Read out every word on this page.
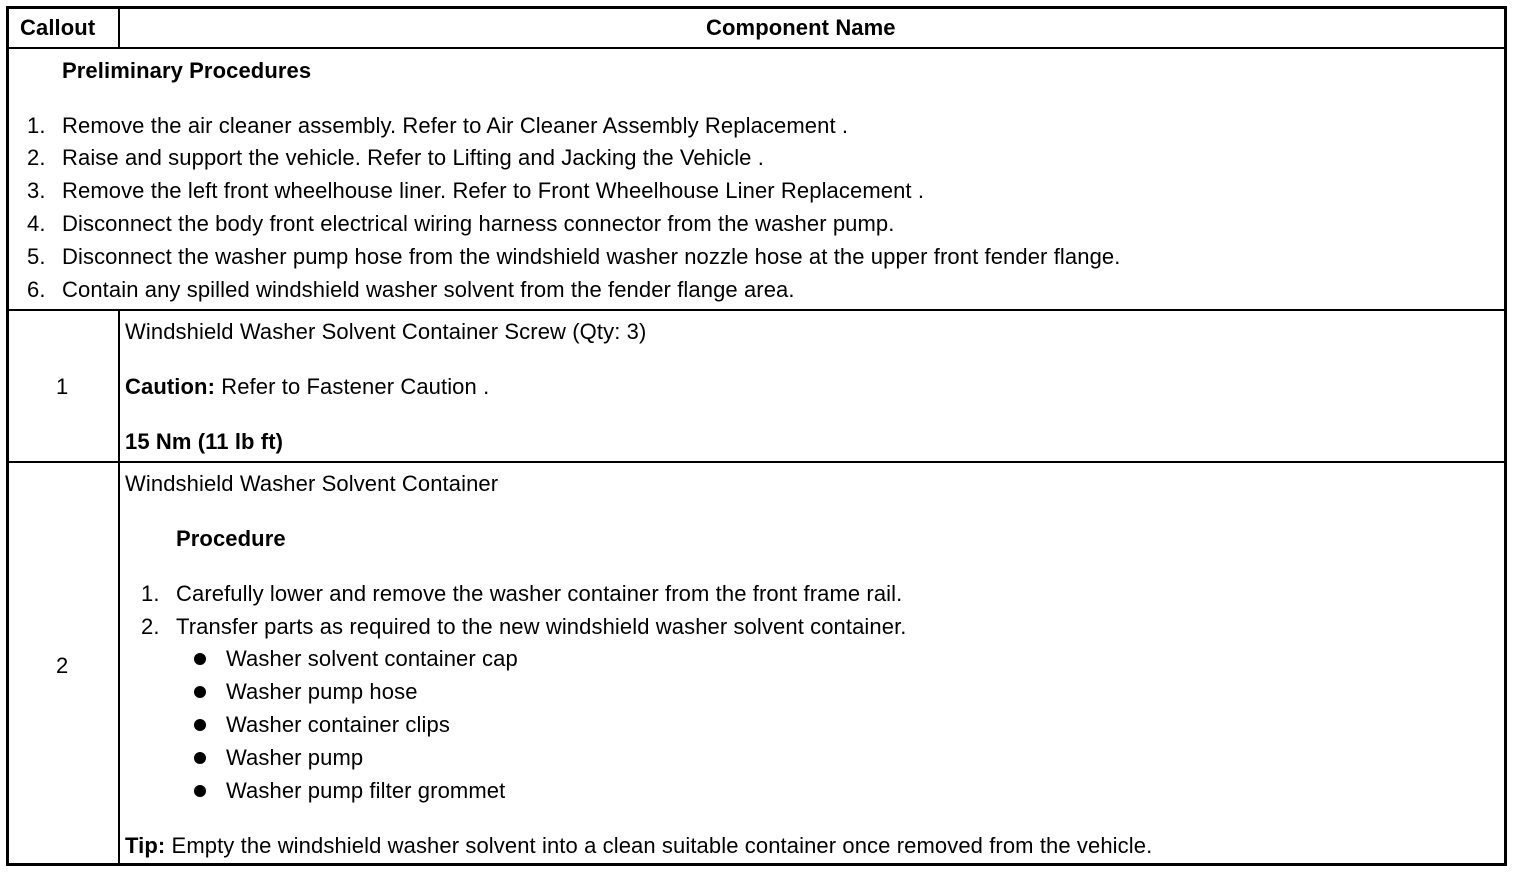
Callout	Component Name
Preliminary Procedures
1. Remove the air cleaner assembly. Refer to Air Cleaner Assembly Replacement .
2. Raise and support the vehicle. Refer to Lifting and Jacking the Vehicle .
3. Remove the left front wheelhouse liner. Refer to Front Wheelhouse Liner Replacement .
4. Disconnect the body front electrical wiring harness connector from the washer pump.
5. Disconnect the washer pump hose from the windshield washer nozzle hose at the upper front fender flange.
6. Contain any spilled windshield washer solvent from the fender flange area.
1
Windshield Washer Solvent Container Screw (Qty: 3)
Caution: Refer to Fastener Caution .
15 Nm (11 lb ft)
2
Windshield Washer Solvent Container
Procedure
1. Carefully lower and remove the washer container from the front frame rail.
2. Transfer parts as required to the new windshield washer solvent container.
Washer solvent container cap
Washer pump hose
Washer container clips
Washer pump
Washer pump filter grommet
Tip: Empty the windshield washer solvent into a clean suitable container once removed from the vehicle.
